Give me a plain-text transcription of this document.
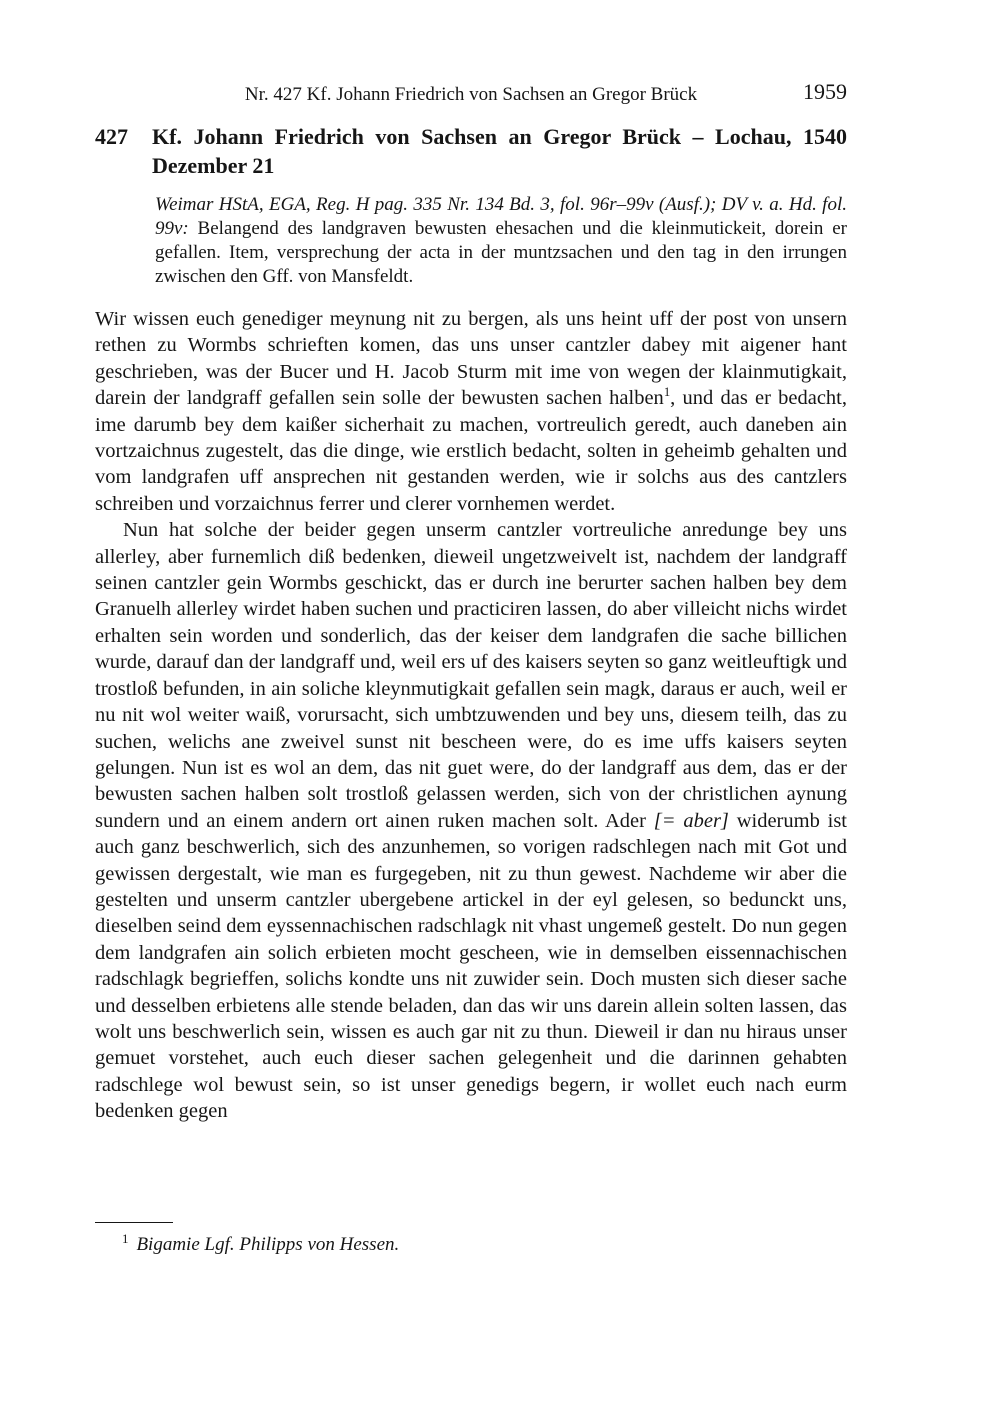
Nr. 427 Kf. Johann Friedrich von Sachsen an Gregor Brück	1959
427	Kf. Johann Friedrich von Sachsen an Gregor Brück – Lochau, 1540 Dezember 21
Weimar HStA, EGA, Reg. H pag. 335 Nr. 134 Bd. 3, fol. 96r–99v (Ausf.); DV v. a. Hd. fol. 99v: Belangend des landgraven bewusten ehesachen und die kleinmutickeit, dorein er gefallen. Item, versprechung der acta in der muntzsachen und den tag in den irrungen zwischen den Gff. von Mansfeldt.

Wir wissen euch genediger meynung nit zu bergen, als uns heint uff der post von unsern rethen zu Wormbs schrieften komen, das uns unser cantzler dabey mit aigener hant geschrieben, was der Bucer und H. Jacob Sturm mit ime von wegen der klainmutigkait, darein der landgraff gefallen sein solle der bewusten sachen halben$^1$, und das er bedacht, ime darumb bey dem kaißer sicherhait zu machen, vortreulich geredt, auch daneben ain vortzaichnus zugestelt, das die dinge, wie erstlich bedacht, solten in geheimb gehalten und vom landgrafen uff ansprechen nit gestanden werden, wie ir solchs aus des cantzlers schreiben und vorzaichnus ferrer und clerer vornhemen werdet.

Nun hat solche der beider gegen unserm cantzler vortreuliche anredunge bey uns allerley, aber furnemlich diß bedenken, dieweil ungetzweivelt ist, nachdem der landgraff seinen cantzler gein Wormbs geschickt, das er durch ine berurter sachen halben bey dem Granuelh allerley wirdet haben suchen und practiciren lassen, do aber villeicht nichs wirdet erhalten sein worden und sonderlich, das der keiser dem landgrafen die sache billichen wurde, darauf dan der landgraff und, weil ers uf des kaisers seyten so ganz weitleuftigk und trostloß befunden, in ain soliche kleynmutigkait gefallen sein magk, daraus er auch, weil er nu nit wol weiter waiß, vorursacht, sich umbtzuwenden und bey uns, diesem teilh, das zu suchen, welichs ane zweivel sunst nit bescheen were, do es ime uffs kaisers seyten gelungen. Nun ist es wol an dem, das nit guet were, do der landgraff aus dem, das er der bewusten sachen halben solt trostloß gelassen werden, sich von der christlichen aynung sundern und an einem andern ort ainen ruken machen solt. Ader [= aber] widerumb ist auch ganz beschwerlich, sich des anzunhemen, so vorigen radschlegen nach mit Got und gewissen dergestalt, wie man es furgegeben, nit zu thun gewest. Nachdeme wir aber die gestelten und unserm cantzler ubergebene artickel in der eyl gelesen, so bedunckt uns, dieselben seind dem eyssennachischen radschlagk nit vhast ungemeß gestelt. Do nun gegen dem landgrafen ain solich erbieten mocht gescheen, wie in demselben eissennachischen radschlagk begrieffen, solichs kondte uns nit zuwider sein. Doch musten sich dieser sache und desselben erbietens alle stende beladen, dan das wir uns darein allein solten lassen, das wolt uns beschwerlich sein, wissen es auch gar nit zu thun. Dieweil ir dan nu hiraus unser gemuet vorstehet, auch euch dieser sachen gelegenheit und die darinnen gehabten radschlege wol bewust sein, so ist unser genedigs begern, ir wollet euch nach eurm bedenken gegen

$^1$ Bigamie Lgf. Philipps von Hessen.
